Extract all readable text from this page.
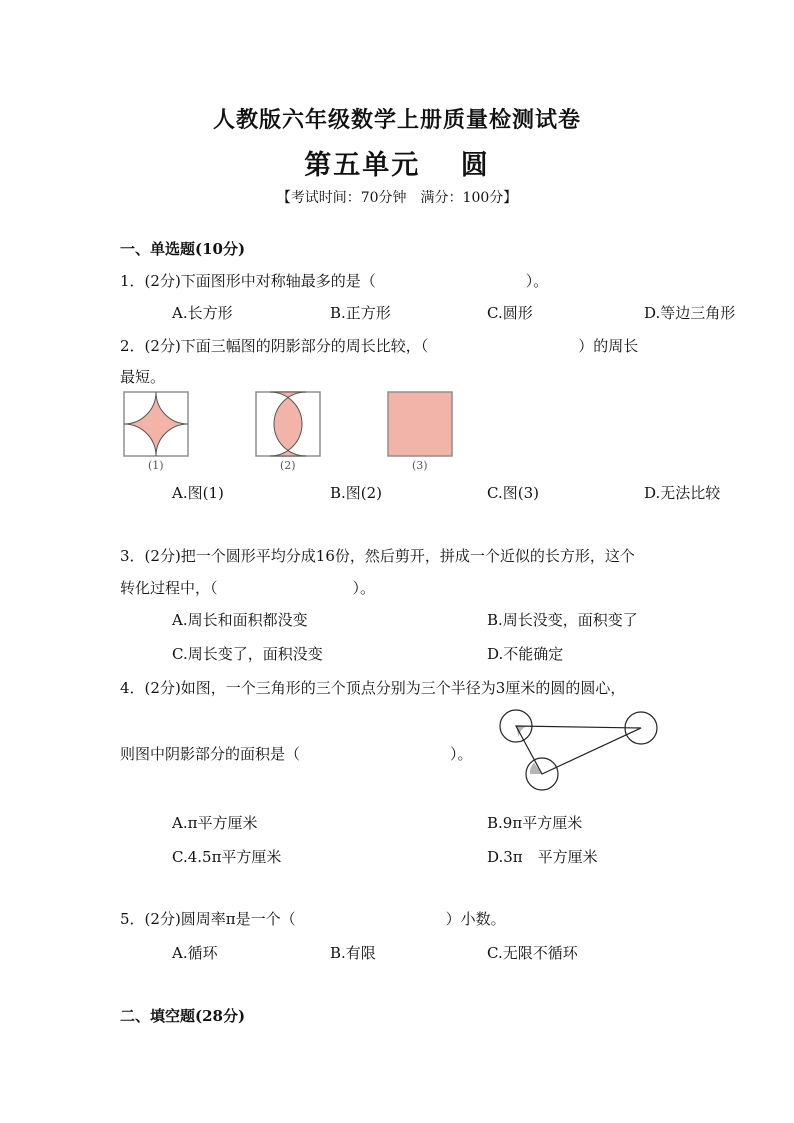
人教版六年级数学上册质量检测试卷
第五单元　 圆
【考试时间：70分钟　满分：100分】
一、单选题(10分)
1．(2分)下面图形中对称轴最多的是（　　　　　　　　　　）。
A.长方形	B.正方形	C.圆形	D.等边三角形
2．(2分)下面三幅图的阴影部分的周长比较，（　　　　　　　　　　）的周长
最短。
(1)	(2)	(3)
A.图(1)	B.图(2)	C.图(3)	D.无法比较
3．(2分)把一个圆形平均分成16份，然后剪开，拼成一个近似的长方形，这个
转化过程中，（　　　　　　　　　）。
A.周长和面积都没变	B.周长没变，面积变了
C.周长变了，面积没变	D.不能确定
4．(2分)如图，一个三角形的三个顶点分别为三个半径为3厘米的圆的圆心，
则图中阴影部分的面积是（　　　　　　　　　　）。
A.π平方厘米	B.9π平方厘米
C.4.5π平方厘米	D.3π　平方厘米
5．(2分)圆周率π是一个（　　　　　　　　　　）小数。
A.循环	B.有限	C.无限不循环
二、填空题(28分)
